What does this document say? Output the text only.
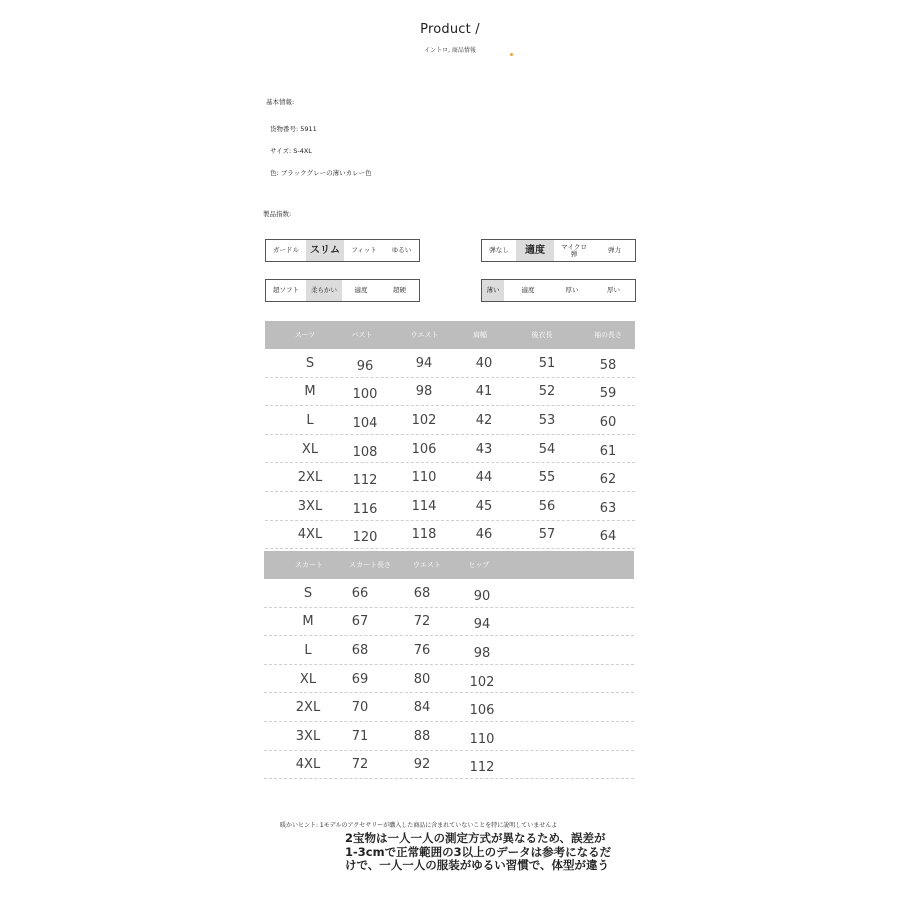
Product /
イントロ, 商品情報
基本情報:
货物番号: 5911
サイズ: S-4XL
色: ブラックグレーの薄いカレー色
製品指数:
ガードル	スリム	フィット	ゆるい	弾なし	適度	マイクロ弾	弹力
超ソフト	柔らかい	適度	超硬	薄い	適度	厚い	厚い
スーツ	バスト	ウエスト	肩幅	後衣長	袖の長さ
S	96	94	40	51	58
M	100	98	41	52	59
L	104	102	42	53	60
XL	108	106	43	54	61
2XL	112	110	44	55	62
3XL	116	114	45	56	63
4XL	120	118	46	57	64
スカート	スカート長さ	ウエスト	ヒップ
S	66	68	90
M	67	72	94
L	68	76	98
XL	69	80	102
2XL	70	84	106
3XL	71	88	110
4XL	72	92	112
暖かいヒント: 1モデルのアクセサリーが購入した商品に含まれていないことを特に説明していませんよ
2宝物は一人一人の測定方式が異なるため、誤差が
1-3cmで正常範囲の3以上のデータは参考になるだ
けで、一人一人の服装がゆるい習慣で、体型が違う
